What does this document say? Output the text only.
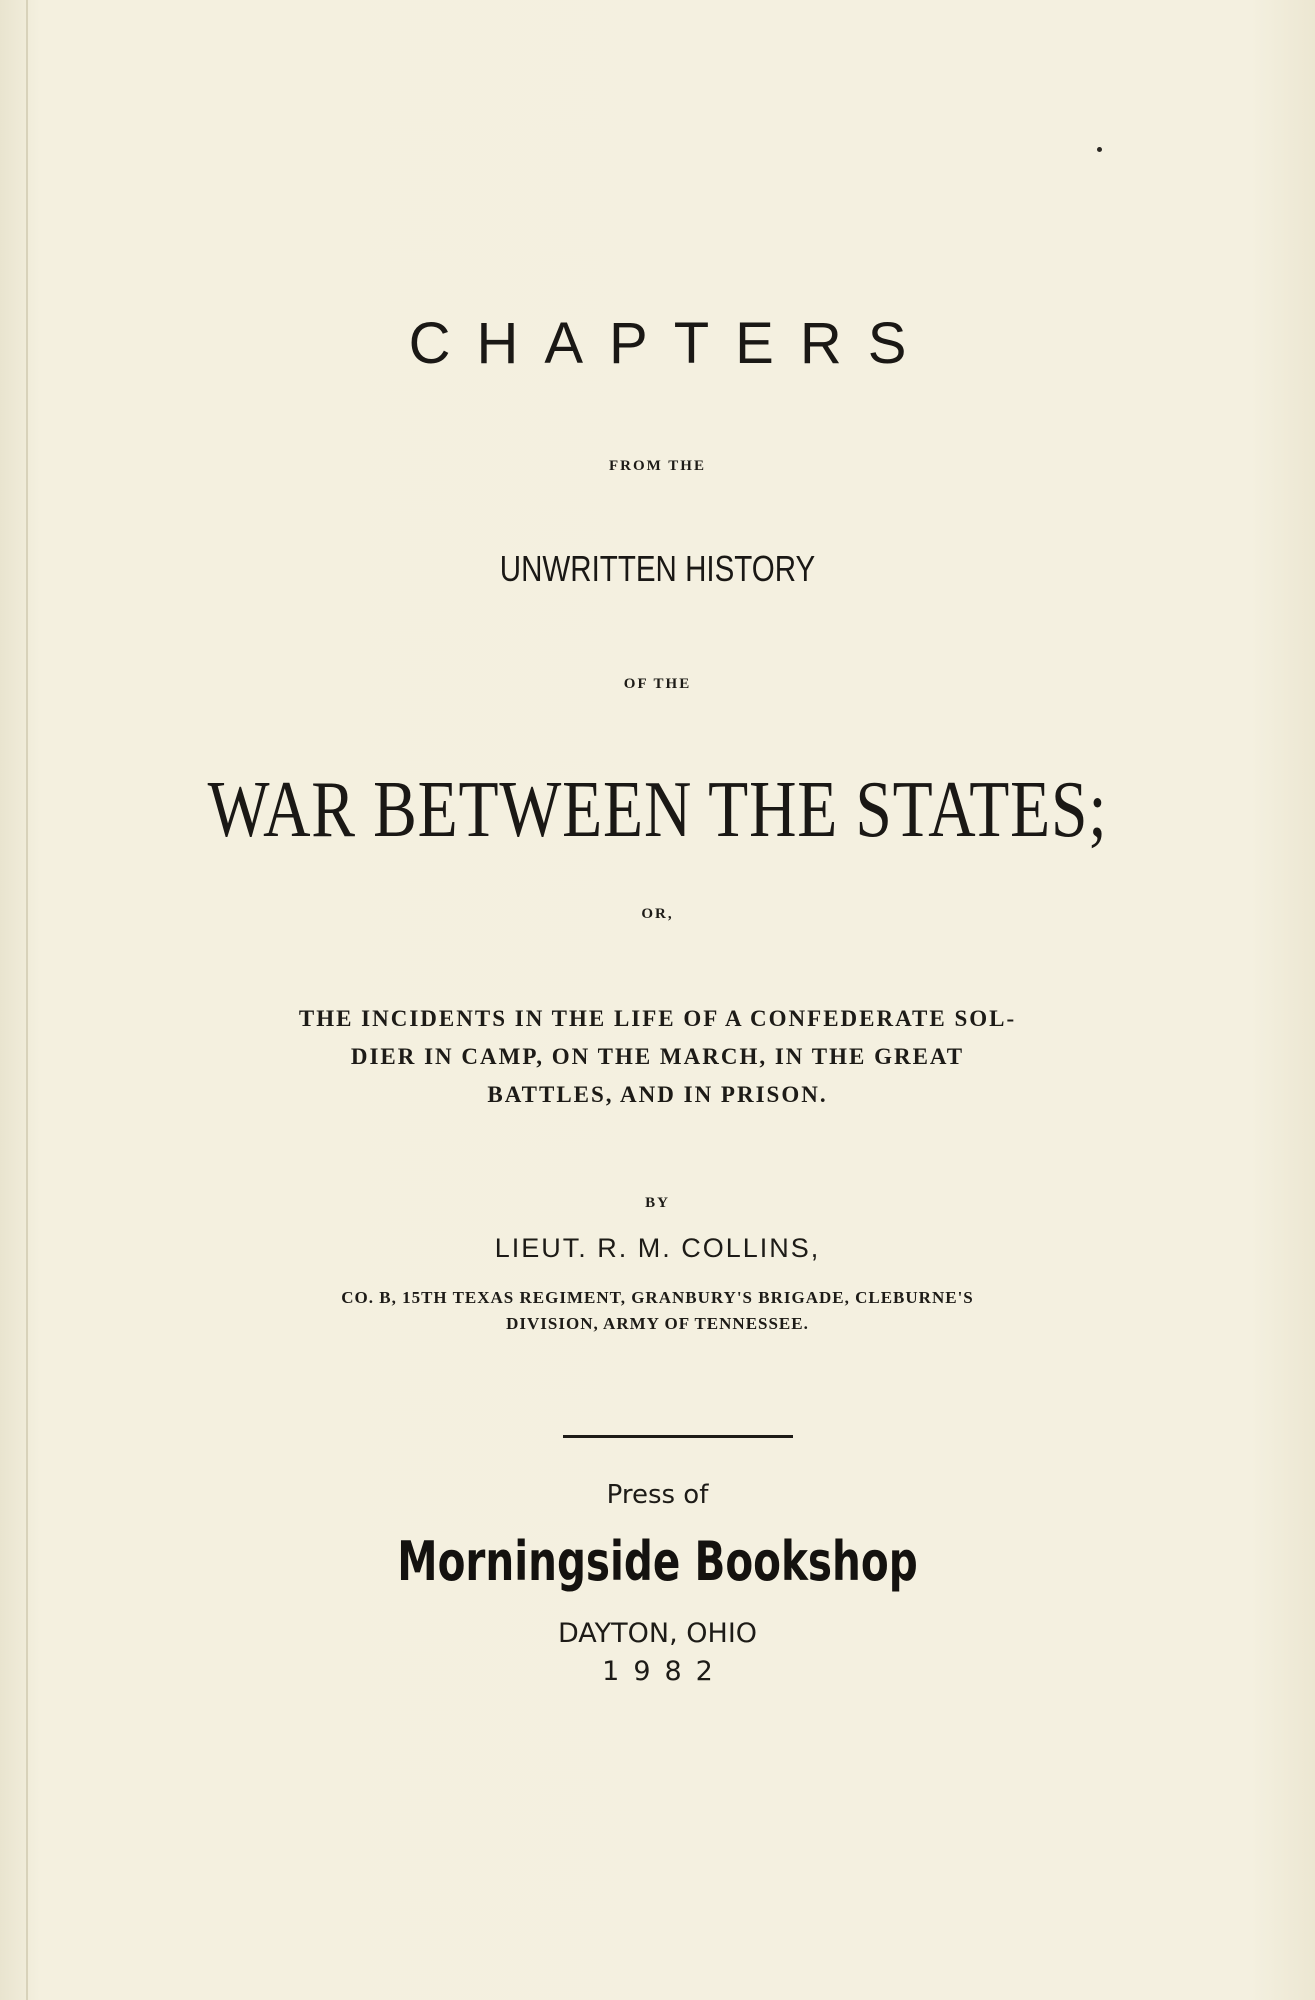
CHAPTERS
FROM THE
UNWRITTEN HISTORY
OF THE
WAR BETWEEN THE STATES;
OR,
THE INCIDENTS IN THE LIFE OF A CONFEDERATE SOL-
DIER IN CAMP, ON THE MARCH, IN THE GREAT
BATTLES, AND IN PRISON.
BY
LIEUT. R. M. COLLINS,
CO. B, 15TH TEXAS REGIMENT, GRANBURY'S BRIGADE, CLEBURNE'S
DIVISION, ARMY OF TENNESSEE.
Press of
Morningside Bookshop
DAYTON, OHIO
1982
